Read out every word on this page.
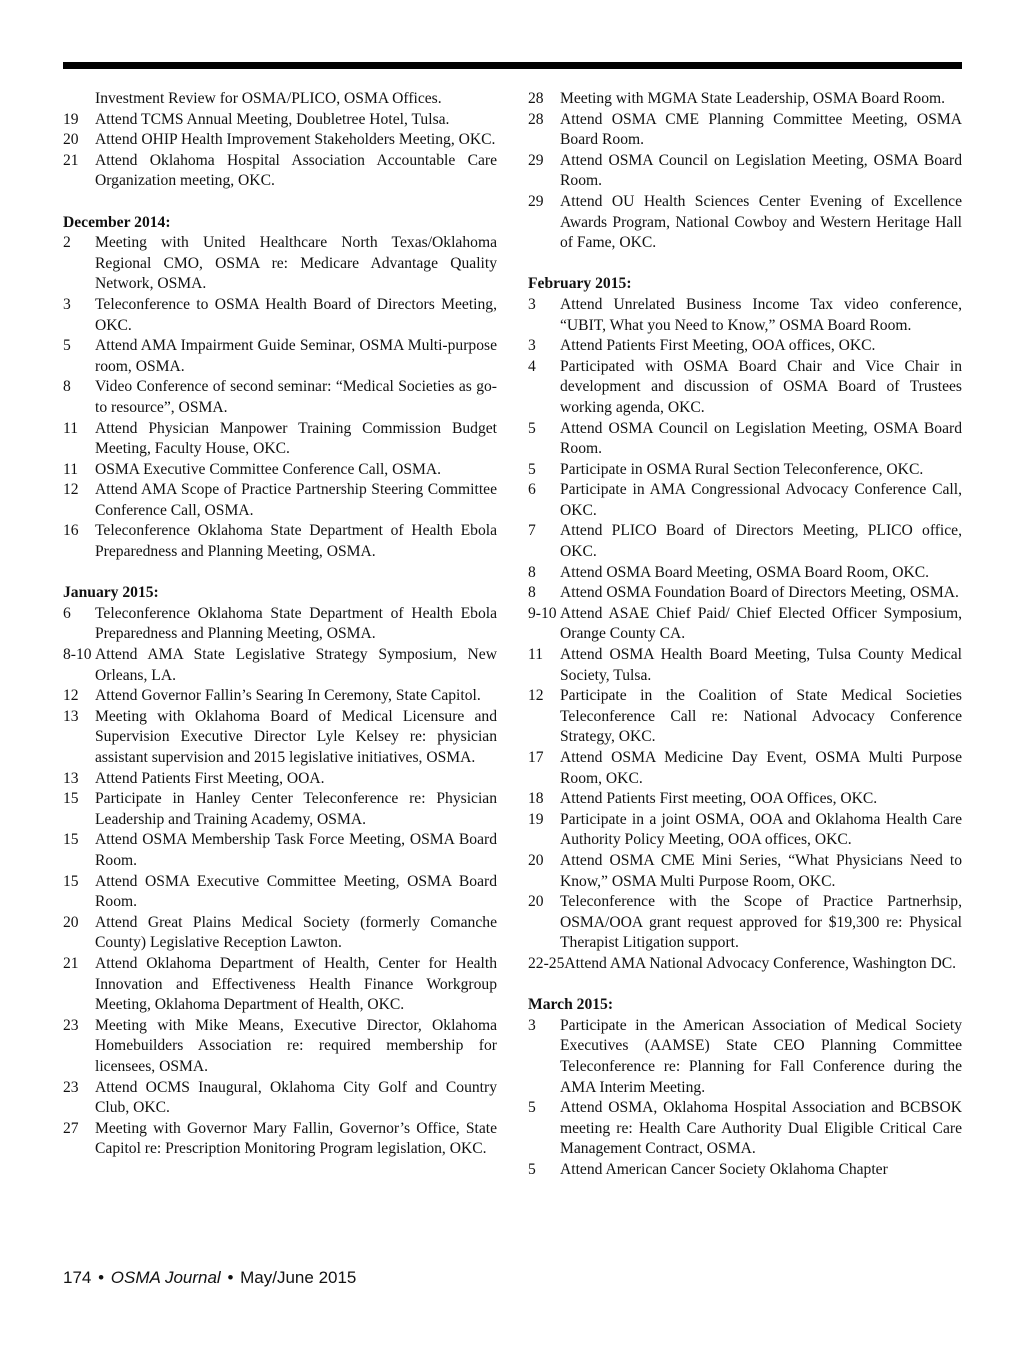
Investment Review for OSMA/PLICO, OSMA Offices.
19	Attend TCMS Annual Meeting, Doubletree Hotel, Tulsa.
20	Attend OHIP Health Improvement Stakeholders Meeting, OKC.
21	Attend Oklahoma Hospital Association Accountable Care Organization meeting, OKC.
December 2014:
2	Meeting with United Healthcare North Texas/Oklahoma Regional CMO, OSMA re: Medicare Advantage Quality Network, OSMA.
3	Teleconference to OSMA Health Board of Directors Meeting, OKC.
5	Attend AMA Impairment Guide Seminar, OSMA Multi-purpose room, OSMA.
8	Video Conference of second seminar: “Medical Societies as go-to resource”, OSMA.
11	Attend Physician Manpower Training Commission Budget Meeting, Faculty House, OKC.
11	OSMA Executive Committee Conference Call, OSMA.
12	Attend AMA Scope of Practice Partnership Steering Committee Conference Call, OSMA.
16	Teleconference Oklahoma State Department of Health Ebola Preparedness and Planning Meeting, OSMA.
January 2015:
6	Teleconference Oklahoma State Department of Health Ebola Preparedness and Planning Meeting, OSMA.
8-10 Attend AMA State Legislative Strategy Symposium, New Orleans, LA.
12	Attend Governor Fallin’s Searing In Ceremony, State Capitol.
13	Meeting with Oklahoma Board of Medical Licensure and Supervision Executive Director Lyle Kelsey re: physician assistant supervision and 2015 legislative initiatives, OSMA.
13	Attend Patients First Meeting, OOA.
15	Participate in Hanley Center Teleconference re: Physician Leadership and Training Academy, OSMA.
15	Attend OSMA Membership Task Force Meeting, OSMA Board Room.
15	Attend OSMA Executive Committee Meeting, OSMA Board Room.
20	Attend Great Plains Medical Society (formerly Comanche County) Legislative Reception Lawton.
21	Attend Oklahoma Department of Health, Center for Health Innovation and Effectiveness Health Finance Workgroup Meeting, Oklahoma Department of Health, OKC.
23	Meeting with Mike Means, Executive Director, Oklahoma Homebuilders Association re: required membership for licensees, OSMA.
23	Attend OCMS Inaugural, Oklahoma City Golf and Country Club, OKC.
27	Meeting with Governor Mary Fallin, Governor’s Office, State Capitol re: Prescription Monitoring Program legislation, OKC.
28	Meeting with MGMA State Leadership, OSMA Board Room.
28	Attend OSMA CME Planning Committee Meeting, OSMA Board Room.
29	Attend OSMA Council on Legislation Meeting, OSMA Board Room.
29	Attend OU Health Sciences Center Evening of Excellence Awards Program, National Cowboy and Western Heritage Hall of Fame, OKC.
February 2015:
3	Attend Unrelated Business Income Tax video conference, “UBIT, What you Need to Know,” OSMA Board Room.
3	Attend Patients First Meeting, OOA offices, OKC.
4	Participated with OSMA Board Chair and Vice Chair in development and discussion of OSMA Board of Trustees working agenda, OKC.
5	Attend OSMA Council on Legislation Meeting, OSMA Board Room.
5	Participate in OSMA Rural Section Teleconference, OKC.
6	Participate in AMA Congressional Advocacy Conference Call, OKC.
7	Attend PLICO Board of Directors Meeting, PLICO office, OKC.
8	Attend OSMA Board Meeting, OSMA Board Room, OKC.
8	Attend OSMA Foundation Board of Directors Meeting, OSMA.
9-10 Attend ASAE Chief Paid/ Chief Elected Officer Symposium, Orange County CA.
11	Attend OSMA Health Board Meeting, Tulsa County Medical Society, Tulsa.
12	Participate in the Coalition of State Medical Societies Teleconference Call re: National Advocacy Conference Strategy, OKC.
17	Attend OSMA Medicine Day Event, OSMA Multi Purpose Room, OKC.
18	Attend Patients First meeting, OOA Offices, OKC.
19	Participate in a joint OSMA, OOA and Oklahoma Health Care Authority Policy Meeting, OOA offices, OKC.
20	Attend OSMA CME Mini Series, “What Physicians Need to Know,” OSMA Multi Purpose Room, OKC.
20	Teleconference with the Scope of Practice Partnerhsip, OSMA/OOA grant request approved for $19,300 re: Physical Therapist Litigation support.
22-25 Attend AMA National Advocacy Conference, Washington DC.
March 2015:
3	Participate in the American Association of Medical Society Executives (AAMSE) State CEO Planning Committee Teleconference re: Planning for Fall Conference during the AMA Interim Meeting.
5	Attend OSMA, Oklahoma Hospital Association and BCBSOK meeting re: Health Care Authority Dual Eligible Critical Care Management Contract, OSMA.
5	Attend American Cancer Society Oklahoma Chapter
174 • OSMA Journal • May/June 2015
